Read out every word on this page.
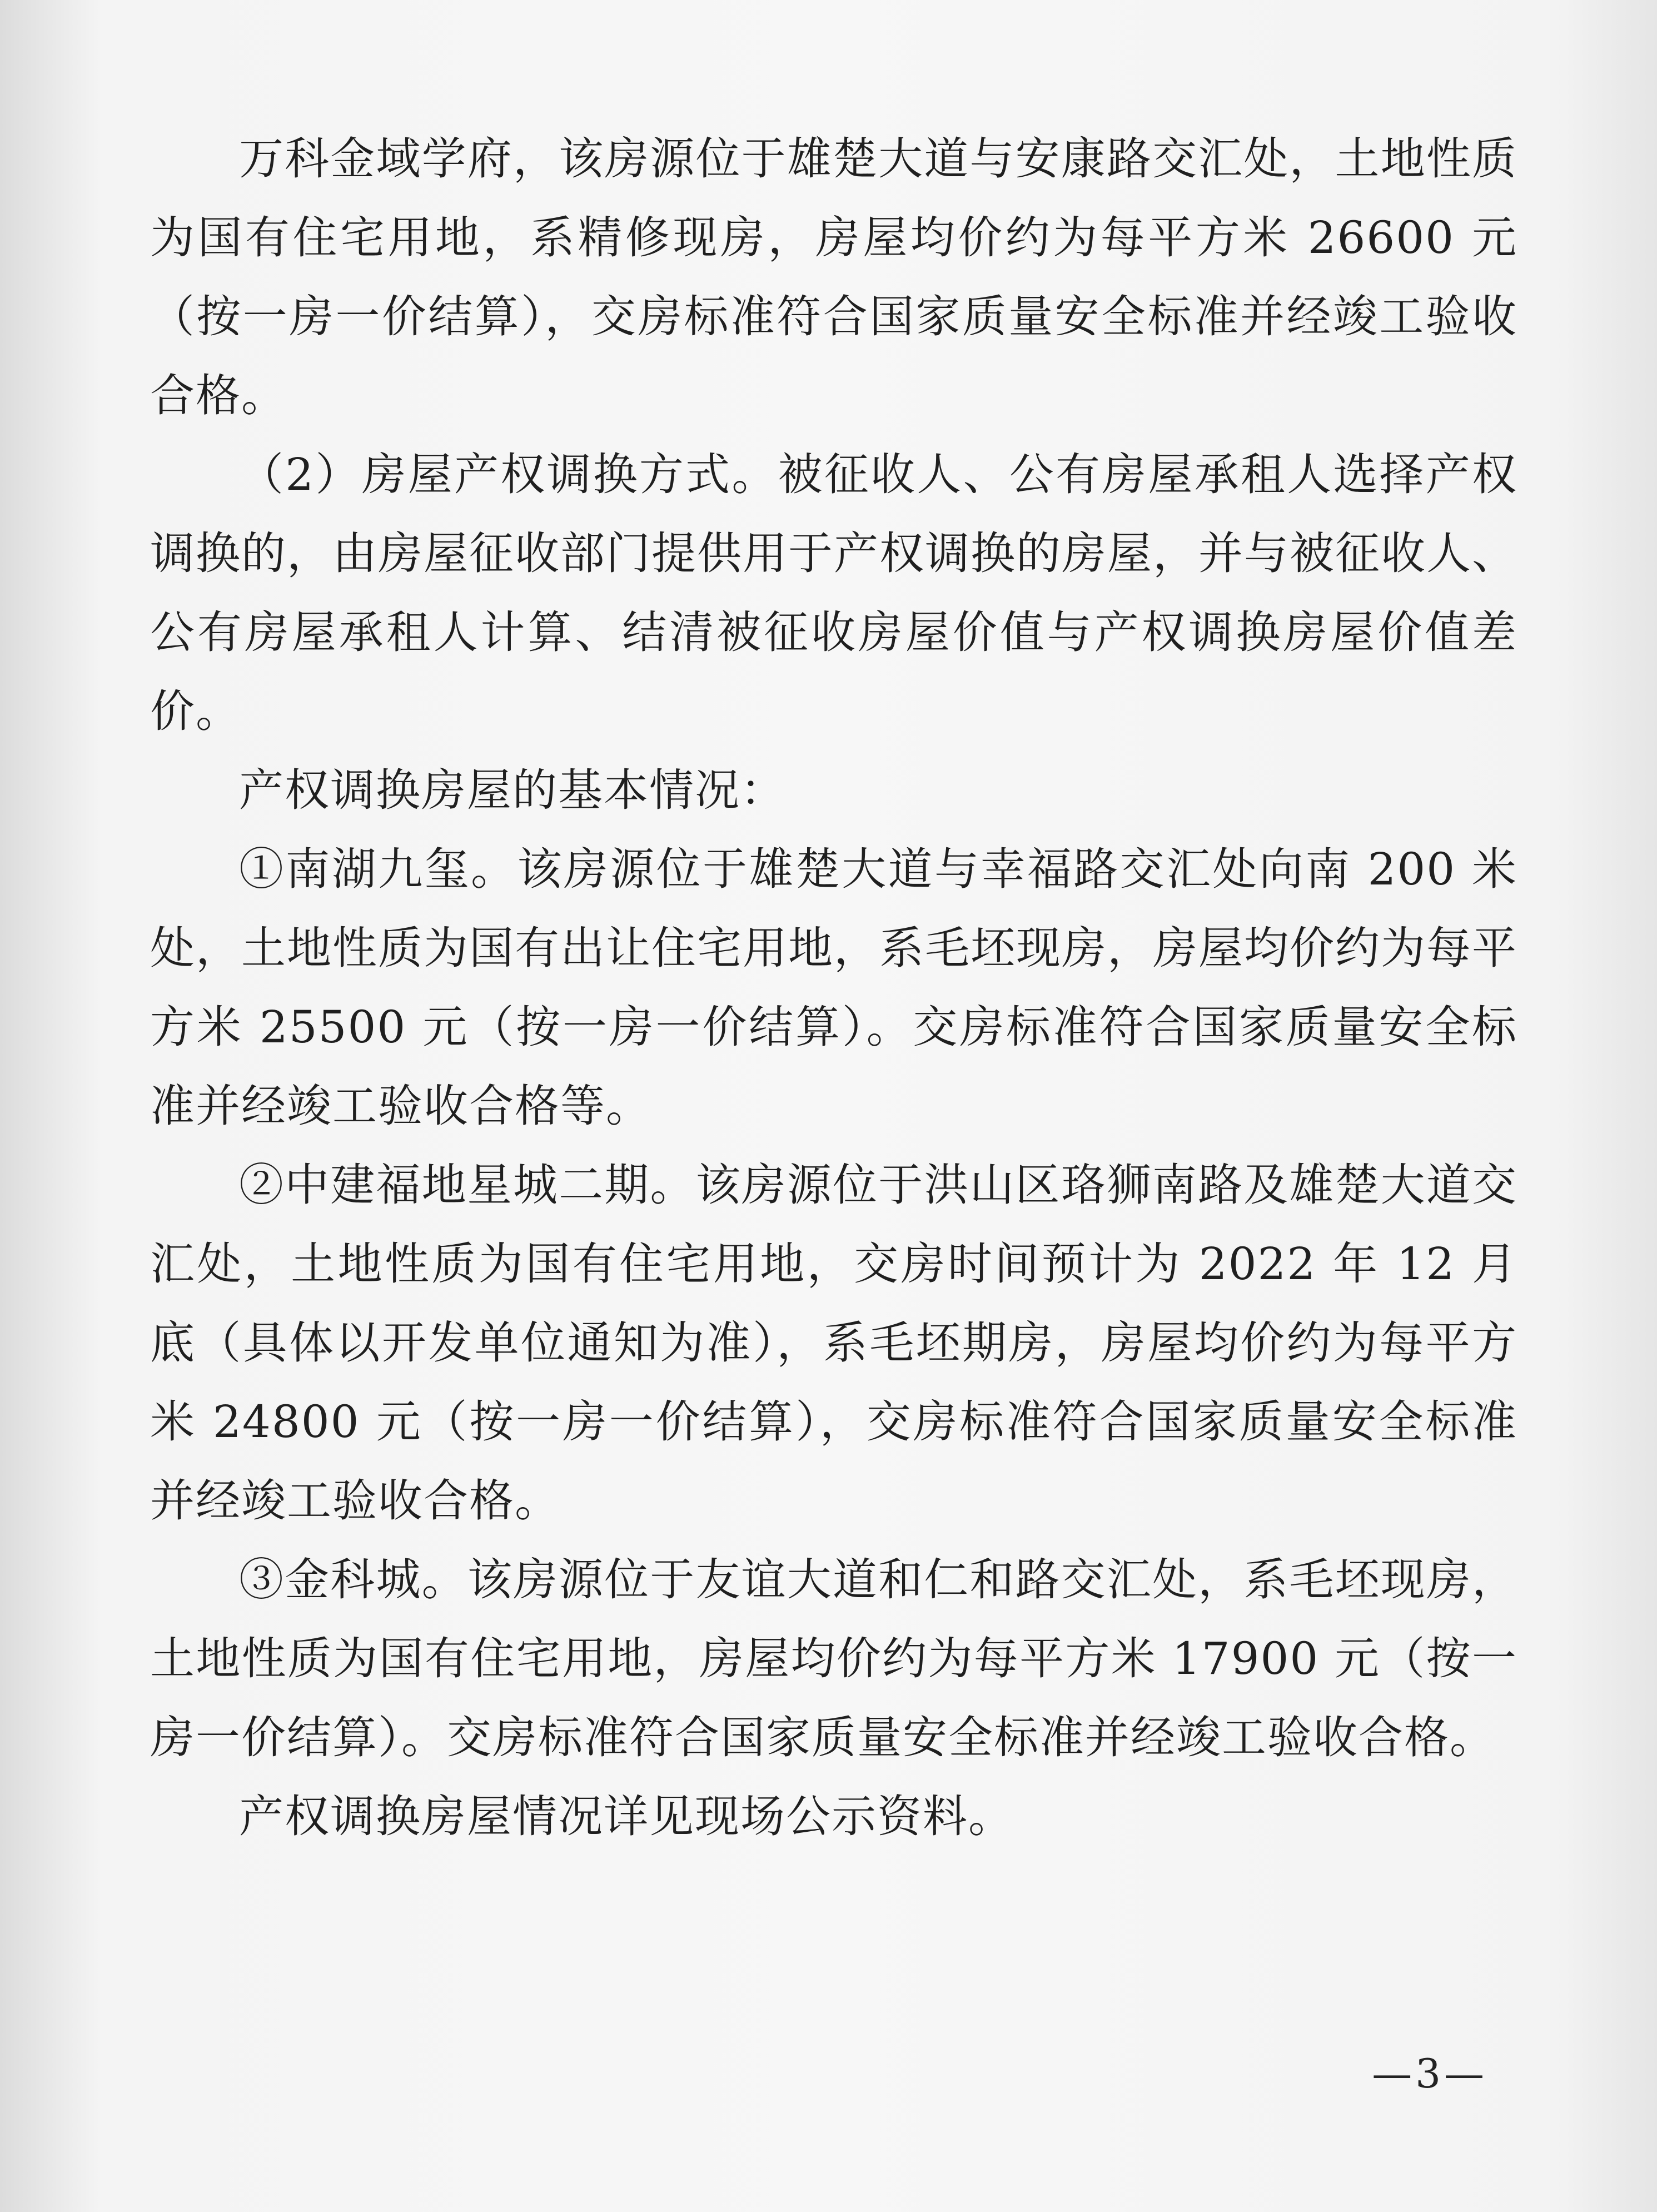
万科金域学府，该房源位于雄楚大道与安康路交汇处，土地性质为国有住宅用地，系精修现房，房屋均价约为每平方米 26600 元（按一房一价结算），交房标准符合国家质量安全标准并经竣工验收合格。

（2）房屋产权调换方式。被征收人、公有房屋承租人选择产权调换的，由房屋征收部门提供用于产权调换的房屋，并与被征收人、公有房屋承租人计算、结清被征收房屋价值与产权调换房屋价值差价。

产权调换房屋的基本情况：

①南湖九玺。该房源位于雄楚大道与幸福路交汇处向南 200 米处，土地性质为国有出让住宅用地，系毛坯现房，房屋均价约为每平方米 25500 元（按一房一价结算）。交房标准符合国家质量安全标准并经竣工验收合格等。

②中建福地星城二期。该房源位于洪山区珞狮南路及雄楚大道交汇处，土地性质为国有住宅用地，交房时间预计为 2022 年 12 月底（具体以开发单位通知为准），系毛坯期房，房屋均价约为每平方米 24800 元（按一房一价结算），交房标准符合国家质量安全标准并经竣工验收合格。

③金科城。该房源位于友谊大道和仁和路交汇处，系毛坯现房，土地性质为国有住宅用地，房屋均价约为每平方米 17900 元（按一房一价结算）。交房标准符合国家质量安全标准并经竣工验收合格。

产权调换房屋情况详见现场公示资料。

—3—
